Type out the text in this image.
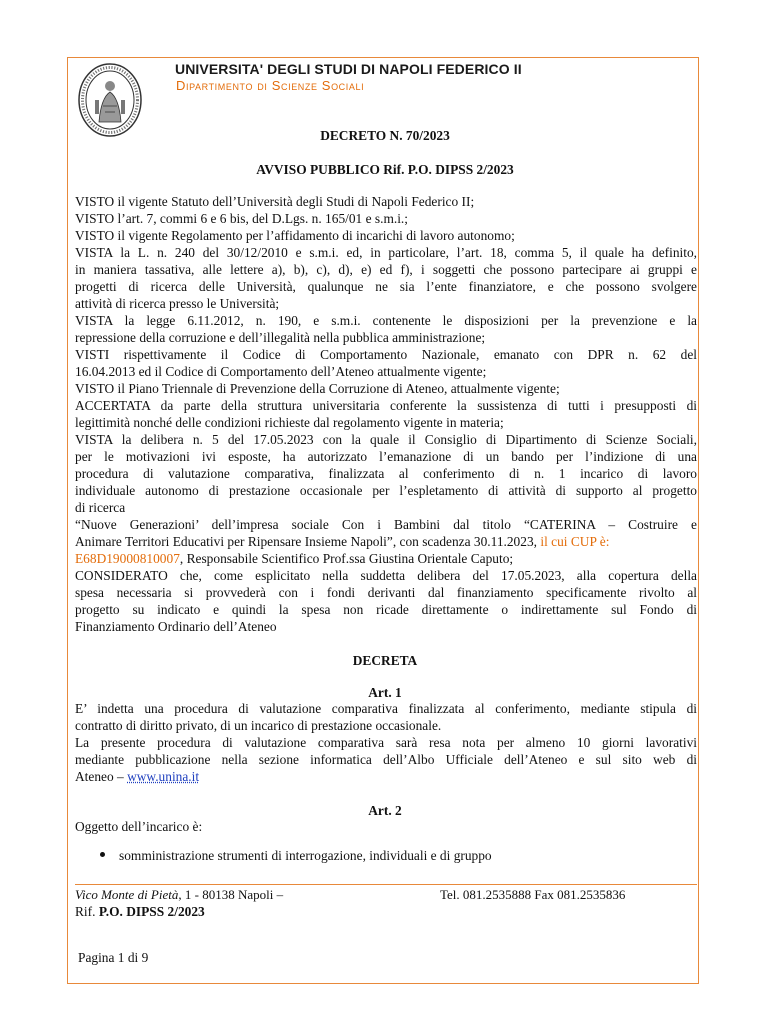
UNIVERSITA' DEGLI STUDI DI NAPOLI FEDERICO II
Dipartimento di Scienze Sociali
DECRETO N. 70/2023
AVVISO PUBBLICO Rif. P.O. DIPSS 2/2023
VISTO il vigente Statuto dell’Università degli Studi di Napoli Federico II;
VISTO l’art. 7, commi 6 e 6 bis, del D.Lgs. n. 165/01 e s.m.i.;
VISTO il vigente Regolamento per l’affidamento di incarichi di lavoro autonomo;
VISTA la L. n. 240 del 30/12/2010 e s.m.i. ed, in particolare, l’art. 18, comma 5, il quale ha definito,
in maniera tassativa, alle lettere a), b), c), d), e) ed f), i soggetti che possono partecipare ai gruppi e
progetti di ricerca delle Università, qualunque ne sia l’ente finanziatore, e che possono svolgere
attività di ricerca presso le Università;
VISTA la legge 6.11.2012, n. 190, e s.m.i. contenente le disposizioni per la prevenzione e la
repressione della corruzione e dell’illegalità nella pubblica amministrazione;
VISTI rispettivamente il Codice di Comportamento Nazionale, emanato con DPR n. 62 del
16.04.2013 ed il Codice di Comportamento dell’Ateneo attualmente vigente;
VISTO il Piano Triennale di Prevenzione della Corruzione di Ateneo, attualmente vigente;
ACCERTATA da parte della struttura universitaria conferente la sussistenza di tutti i presupposti di
legittimità nonché delle condizioni richieste dal regolamento vigente in materia;
VISTA la delibera n. 5 del 17.05.2023 con la quale il Consiglio di Dipartimento di Scienze Sociali,
per le motivazioni ivi esposte, ha autorizzato l’emanazione di un bando per l’indizione di una
procedura di valutazione comparativa, finalizzata al conferimento di n. 1 incarico di lavoro
individuale autonomo di prestazione occasionale per l’espletamento di attività di supporto al progetto
di ricerca
“Nuove Generazioni’ dell’impresa sociale Con i Bambini dal titolo “CATERINA – Costruire e
Animare Territori Educativi per Ripensare Insieme Napoli”, con scadenza 30.11.2023, il cui CUP è:
E68D19000810007, Responsabile Scientifico Prof.ssa Giustina Orientale Caputo;
CONSIDERATO che, come esplicitato nella suddetta delibera del 17.05.2023, alla copertura della
spesa necessaria si provvederà con i fondi derivanti dal finanziamento specificamente rivolto al
progetto su indicato e quindi la spesa non ricade direttamente o indirettamente sul Fondo di
Finanziamento Ordinario dell’Ateneo
DECRETA
Art. 1
E’ indetta una procedura di valutazione comparativa finalizzata al conferimento, mediante stipula di
contratto di diritto privato, di un incarico di prestazione occasionale.
La presente procedura di valutazione comparativa sarà resa nota per almeno 10 giorni lavorativi
mediante pubblicazione nella sezione informatica dell’Albo Ufficiale dell’Ateneo e sul sito web di
Ateneo – www.unina.it
Art. 2
Oggetto dell’incarico è:
somministrazione strumenti di interrogazione, individuali e di gruppo
Vico Monte di Pietà, 1 - 80138 Napoli –	Tel. 081.2535888 Fax 081.2535836
Rif. P.O. DIPSS 2/2023
Pagina 1 di 9
